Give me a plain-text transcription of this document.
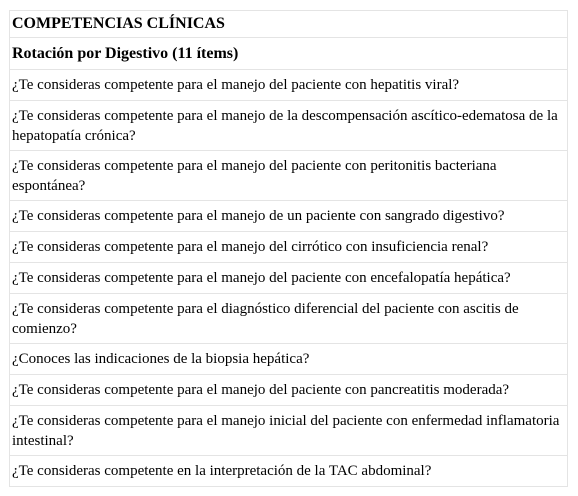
COMPETENCIAS CLÍNICAS
Rotación por Digestivo (11 ítems)
¿Te consideras competente para el manejo del paciente con hepatitis viral?
¿Te consideras competente para el manejo de la descompensación ascítico-edematosa de la hepatopatía crónica?
¿Te consideras competente para el manejo del paciente con peritonitis bacteriana espontánea?
¿Te consideras competente para el manejo de un paciente con sangrado digestivo?
¿Te consideras competente para el manejo del cirrótico con insuficiencia renal?
¿Te consideras competente para el manejo del paciente con encefalopatía hepática?
¿Te consideras competente para el diagnóstico diferencial del paciente con ascitis de comienzo?
¿Conoces las indicaciones de la biopsia hepática?
¿Te consideras competente para el manejo del paciente con pancreatitis moderada?
¿Te consideras competente para el manejo inicial del paciente con enfermedad inflamatoria intestinal?
¿Te consideras competente en la interpretación de la TAC abdominal?
